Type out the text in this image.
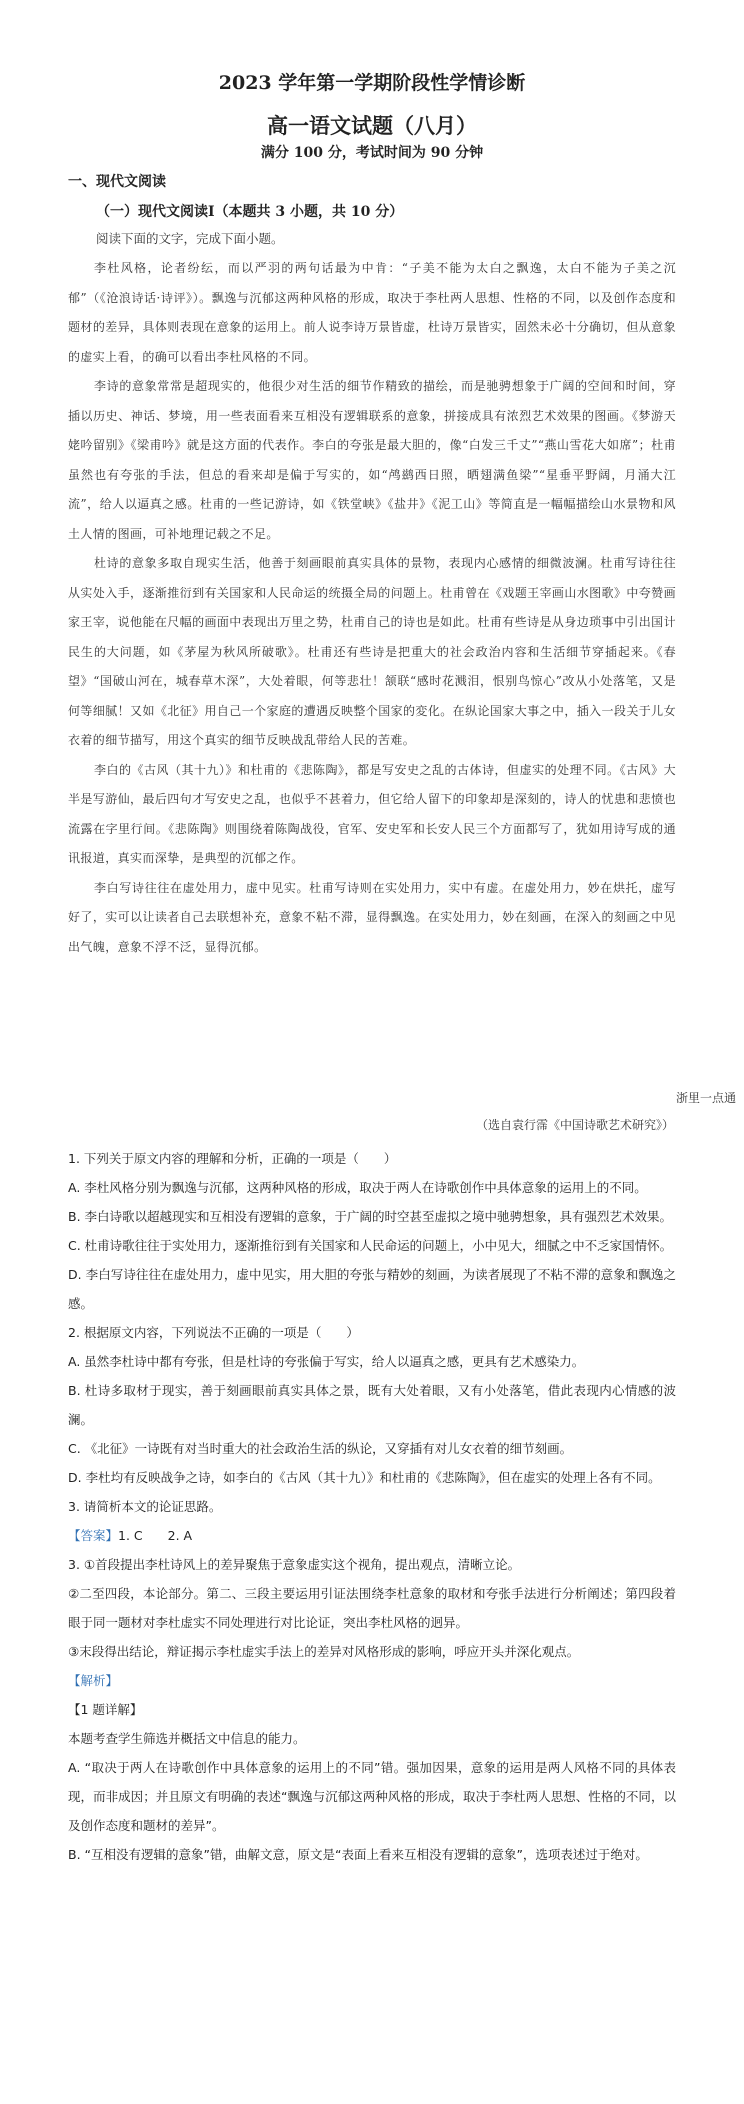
2023 学年第一学期阶段性学情诊断
高一语文试题（八月）
满分 100 分，考试时间为 90 分钟
一、现代文阅读
（一）现代文阅读Ⅰ（本题共 3 小题，共 10 分）
阅读下面的文字，完成下面小题。

李杜风格，论者纷纭，而以严羽的两句话最为中肯：“子美不能为太白之飘逸，太白不能为子美之沉郁”（《沧浪诗话·诗评》）。飘逸与沉郁这两种风格的形成，取决于李杜两人思想、性格的不同，以及创作态度和题材的差异，具体则表现在意象的运用上。前人说李诗万景皆虚，杜诗万景皆实，固然未必十分确切，但从意象的虚实上看，的确可以看出李杜风格的不同。

李诗的意象常常是超现实的，他很少对生活的细节作精致的描绘，而是驰骋想象于广阔的空间和时间，穿插以历史、神话、梦境，用一些表面看来互相没有逻辑联系的意象，拼接成具有浓烈艺术效果的图画。《梦游天姥吟留别》《梁甫吟》就是这方面的代表作。李白的夸张是最大胆的，像“白发三千丈”“燕山雪花大如席”；杜甫虽然也有夸张的手法，但总的看来却是偏于写实的，如“鸬鹚西日照，晒翅满鱼梁”“星垂平野阔，月涌大江流”，给人以逼真之感。杜甫的一些记游诗，如《铁堂峡》《盐井》《泥工山》等简直是一幅幅描绘山水景物和风土人情的图画，可补地理记载之不足。

杜诗的意象多取自现实生活，他善于刻画眼前真实具体的景物，表现内心感情的细微波澜。杜甫写诗往往从实处入手，逐渐推衍到有关国家和人民命运的统摄全局的问题上。杜甫曾在《戏题王宰画山水图歌》中夸赞画家王宰，说他能在尺幅的画面中表现出万里之势，杜甫自己的诗也是如此。杜甫有些诗是从身边琐事中引出国计民生的大问题，如《茅屋为秋风所破歌》。杜甫还有些诗是把重大的社会政治内容和生活细节穿插起来。《春望》“国破山河在，城春草木深”，大处着眼，何等悲壮！颔联“感时花溅泪，恨别鸟惊心”改从小处落笔，又是何等细腻！又如《北征》用自己一个家庭的遭遇反映整个国家的変化。在纵论国家大事之中，插入一段关于儿女衣着的细节描写，用这个真实的细节反映战乱带给人民的苦难。

李白的《古风（其十九）》和杜甫的《悲陈陶》，都是写安史之乱的古体诗，但虚实的处理不同。《古风》大半是写游仙，最后四句才写安史之乱，也似乎不甚着力，但它给人留下的印象却是深刻的，诗人的忧患和悲愤也流露在字里行间。《悲陈陶》则围绕着陈陶战役，官军、安史军和长安人民三个方面都写了，犹如用诗写成的通讯报道，真实而深挚，是典型的沉郁之作。

李白写诗往往在虚处用力，虚中见实。杜甫写诗则在实处用力，实中有虚。在虚处用力，妙在烘托，虚写好了，实可以让读者自己去联想补充，意象不粘不滞，显得飘逸。在实处用力，妙在刻画，在深入的刻画之中见出气魄，意象不浮不泛，显得沉郁。

浙里一点通
（选自袁行霈《中国诗歌艺术研究》）

1. 下列关于原文内容的理解和分析，正确的一项是（　　）

A. 李杜风格分别为飘逸与沉郁，这两种风格的形成，取决于两人在诗歌创作中具体意象的运用上的不同。

B. 李白诗歌以超越现实和互相没有逻辑的意象，于广阔的时空甚至虚拟之境中驰骋想象，具有强烈艺术效果。

C. 杜甫诗歌往往于实处用力，逐渐推衍到有关国家和人民命运的问题上，小中见大，细腻之中不乏家国情怀。

D. 李白写诗往往在虚处用力，虚中见实，用大胆的夸张与精妙的刻画，为读者展现了不粘不滞的意象和飘逸之感。

2. 根据原文内容，下列说法不正确的一项是（　　）

A. 虽然李杜诗中都有夸张，但是杜诗的夸张偏于写实，给人以逼真之感，更具有艺术感染力。

B. 杜诗多取材于现实，善于刻画眼前真实具体之景，既有大处着眼，又有小处落笔，借此表现内心情感的波澜。

C. 《北征》一诗既有对当时重大的社会政治生活的纵论，又穿插有对儿女衣着的细节刻画。

D. 李杜均有反映战争之诗，如李白的《古风（其十九）》和杜甫的《悲陈陶》，但在虚实的处理上各有不同。

3. 请简析本文的论证思路。

【答案】1. C　　2. A

3. ①首段提出李杜诗风上的差异聚焦于意象虚实这个视角，提出观点，清晰立论。

②二至四段，本论部分。第二、三段主要运用引证法围绕李杜意象的取材和夸张手法进行分析阐述；第四段着眼于同一题材对李杜虚实不同处理进行对比论证，突出李杜风格的迥异。

③末段得出结论，辩证揭示李杜虚实手法上的差异对风格形成的影响，呼应开头并深化观点。

【解析】

【1 题详解】

本题考查学生筛选并概括文中信息的能力。

A. “取决于两人在诗歌创作中具体意象的运用上的不同”错。强加因果，意象的运用是两人风格不同的具体表现，而非成因；并且原文有明确的表述“飘逸与沉郁这两种风格的形成，取决于李杜两人思想、性格的不同，以及创作态度和题材的差异”。

B. “互相没有逻辑的意象”错，曲解文意，原文是“表面上看来互相没有逻辑的意象”，选项表述过于绝对。
